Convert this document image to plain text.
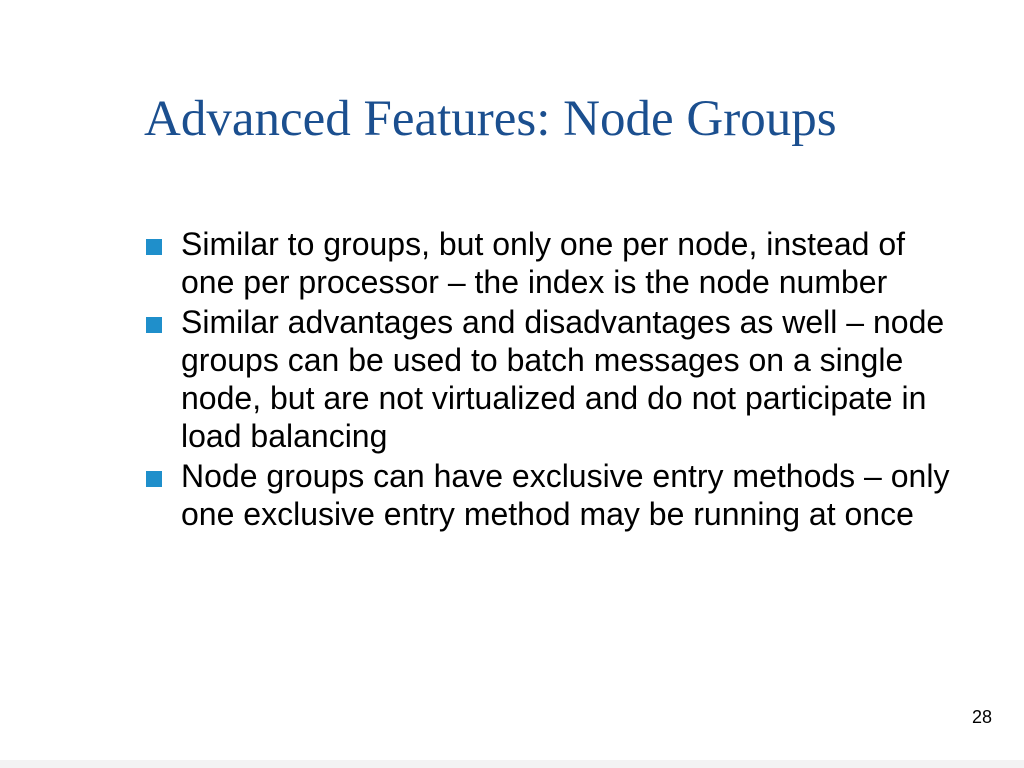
Advanced Features: Node Groups
Similar to groups, but only one per node, instead of one per processor – the index is the node number
Similar advantages and disadvantages as well – node groups can be used to batch messages on a single node, but are not virtualized and do not participate in load balancing
Node groups can have exclusive entry methods – only one exclusive entry method may be running at once
28
